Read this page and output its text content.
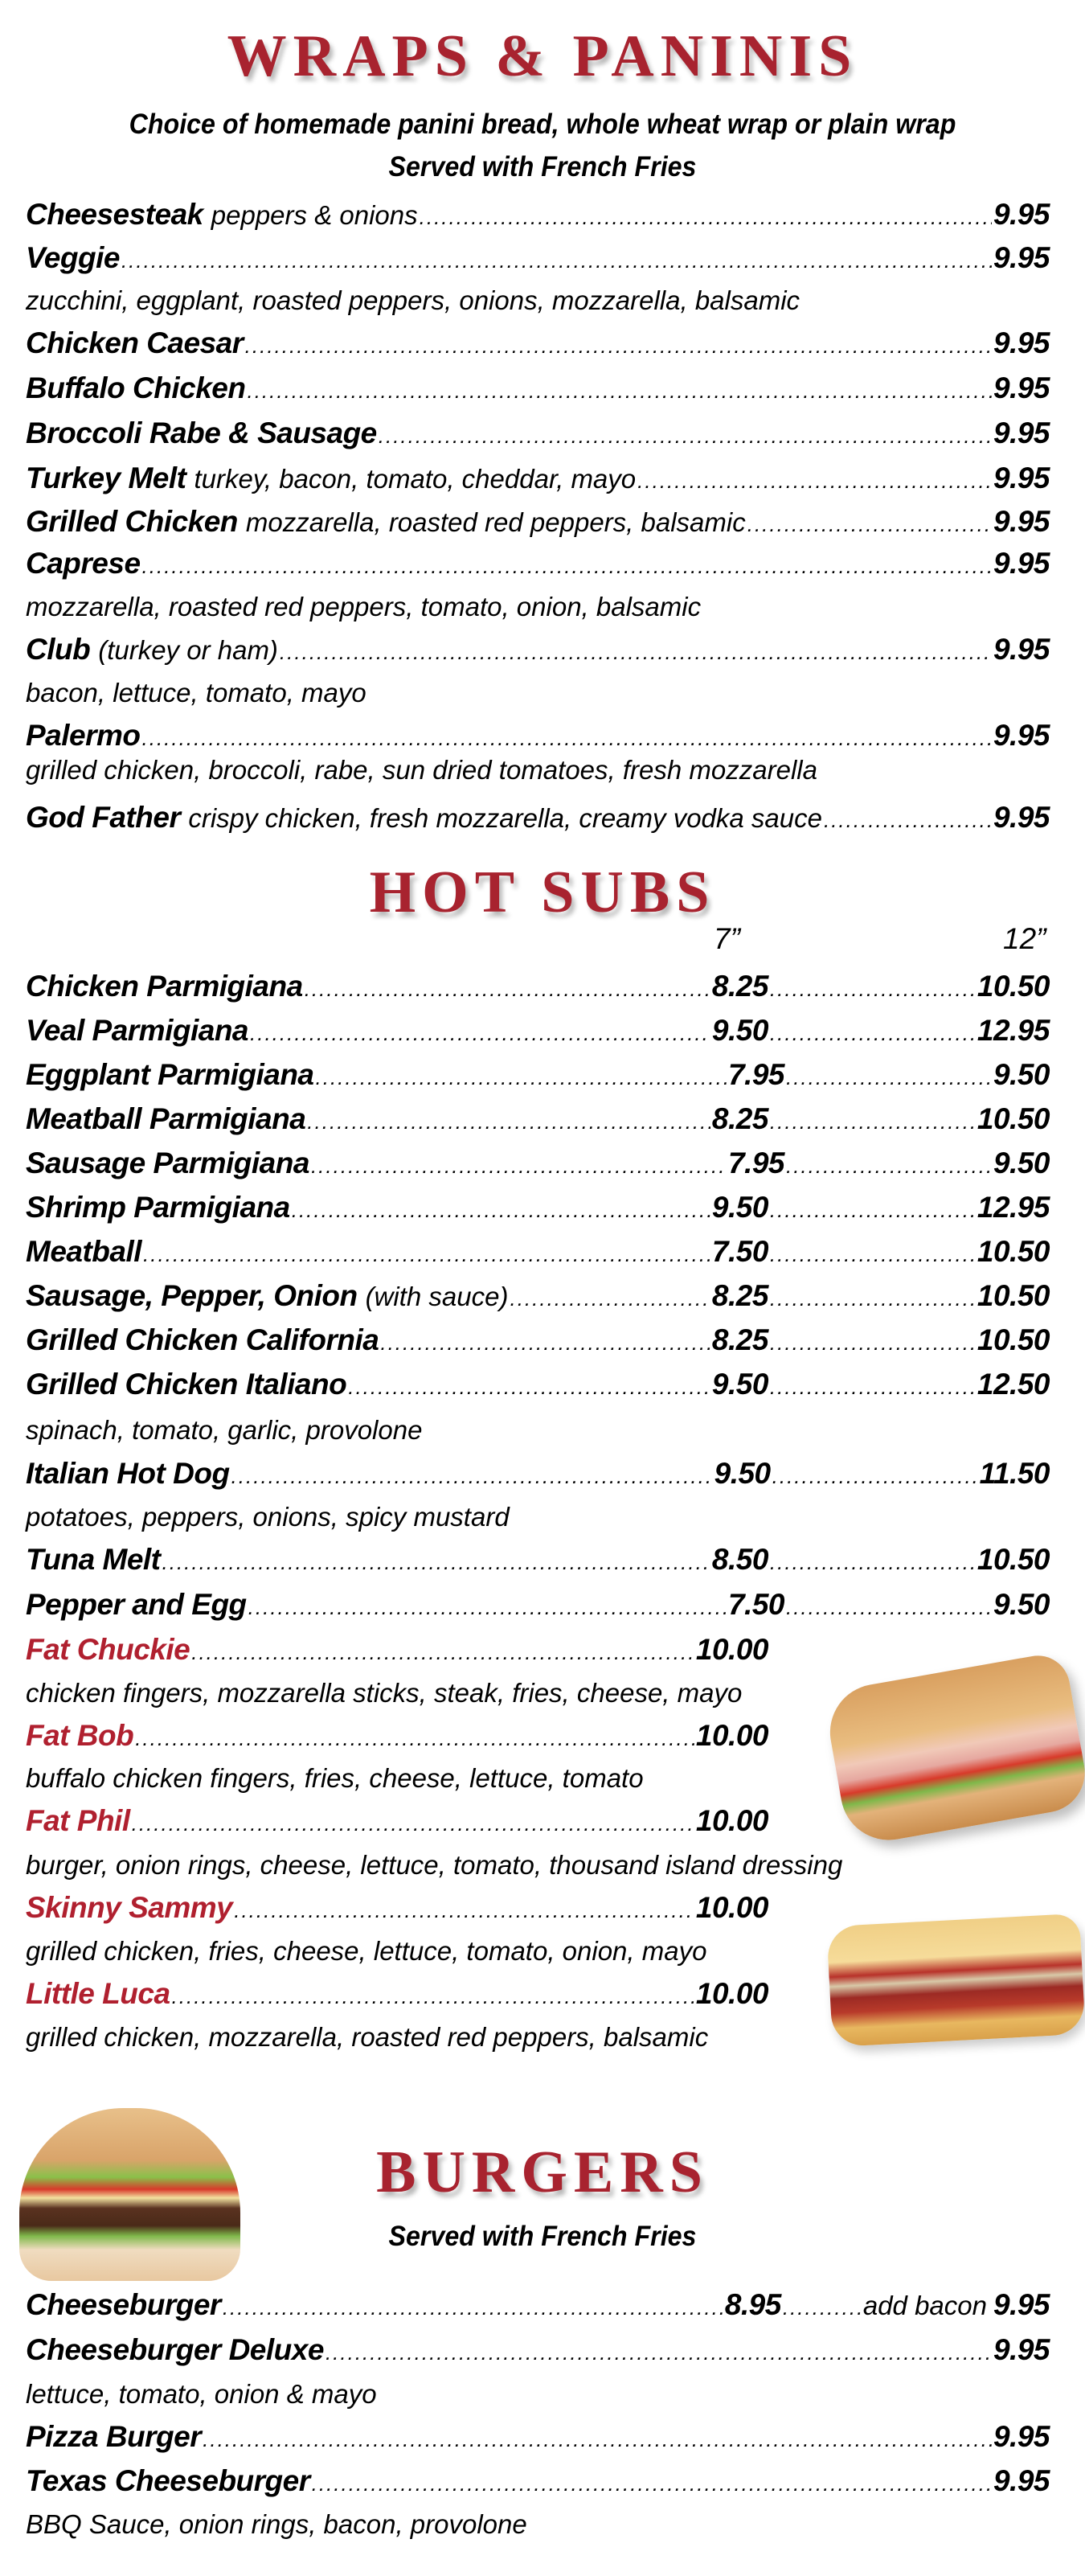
WRAPS & PANINIS
Choice of homemade panini bread, whole wheat wrap or plain wrap
Served with French Fries
Cheesesteak peppers & onions .....	9.95
Veggie .....	9.95
zucchini, eggplant, roasted peppers, onions, mozzarella, balsamic
Chicken Caesar .....	9.95
Buffalo Chicken .....	9.95
Broccoli Rabe & Sausage .....	9.95
Turkey Melt turkey, bacon, tomato, cheddar, mayo .....	9.95
Grilled Chicken mozzarella, roasted red peppers, balsamic .....	9.95
Caprese .....	9.95
mozzarella, roasted red peppers, tomato, onion, balsamic
Club (turkey or ham) .....	9.95
bacon, lettuce, tomato, mayo
Palermo .....	9.95
grilled chicken, broccoli, rabe, sun dried tomatoes, fresh mozzarella
God Father crispy chicken, fresh mozzarella, creamy vodka sauce .....	9.95
HOT SUBS
7”	12”
Chicken Parmigiana .....	8.25 .....	10.50
Veal Parmigiana .....	9.50 .....	12.95
Eggplant Parmigiana .....	7.95 .....	9.50
Meatball Parmigiana .....	8.25 .....	10.50
Sausage Parmigiana .....	7.95 .....	9.50
Shrimp Parmigiana .....	9.50 .....	12.95
Meatball .....	7.50 .....	10.50
Sausage, Pepper, Onion (with sauce) .....	8.25 .....	10.50
Grilled Chicken California .....	8.25 .....	10.50
Grilled Chicken Italiano .....	9.50 .....	12.50
spinach, tomato, garlic, provolone
Italian Hot Dog .....	9.50 .....	11.50
potatoes, peppers, onions, spicy mustard
Tuna Melt .....	8.50 .....	10.50
Pepper and Egg .....	7.50 .....	9.50
Fat Chuckie .....	10.00
chicken fingers, mozzarella sticks, steak, fries, cheese, mayo
Fat Bob .....	10.00
buffalo chicken fingers, fries, cheese, lettuce, tomato
Fat Phil .....	10.00
burger, onion rings, cheese, lettuce, tomato, thousand island dressing
Skinny Sammy .....	10.00
grilled chicken, fries, cheese, lettuce, tomato, onion, mayo
Little Luca .....	10.00
grilled chicken, mozzarella, roasted red peppers, balsamic
BURGERS
Served with French Fries
Cheeseburger .....	8.95 .....	add bacon 9.95
Cheeseburger Deluxe .....	9.95
lettuce, tomato, onion & mayo
Pizza Burger .....	9.95
Texas Cheeseburger .....	9.95
BBQ Sauce, onion rings, bacon, provolone
